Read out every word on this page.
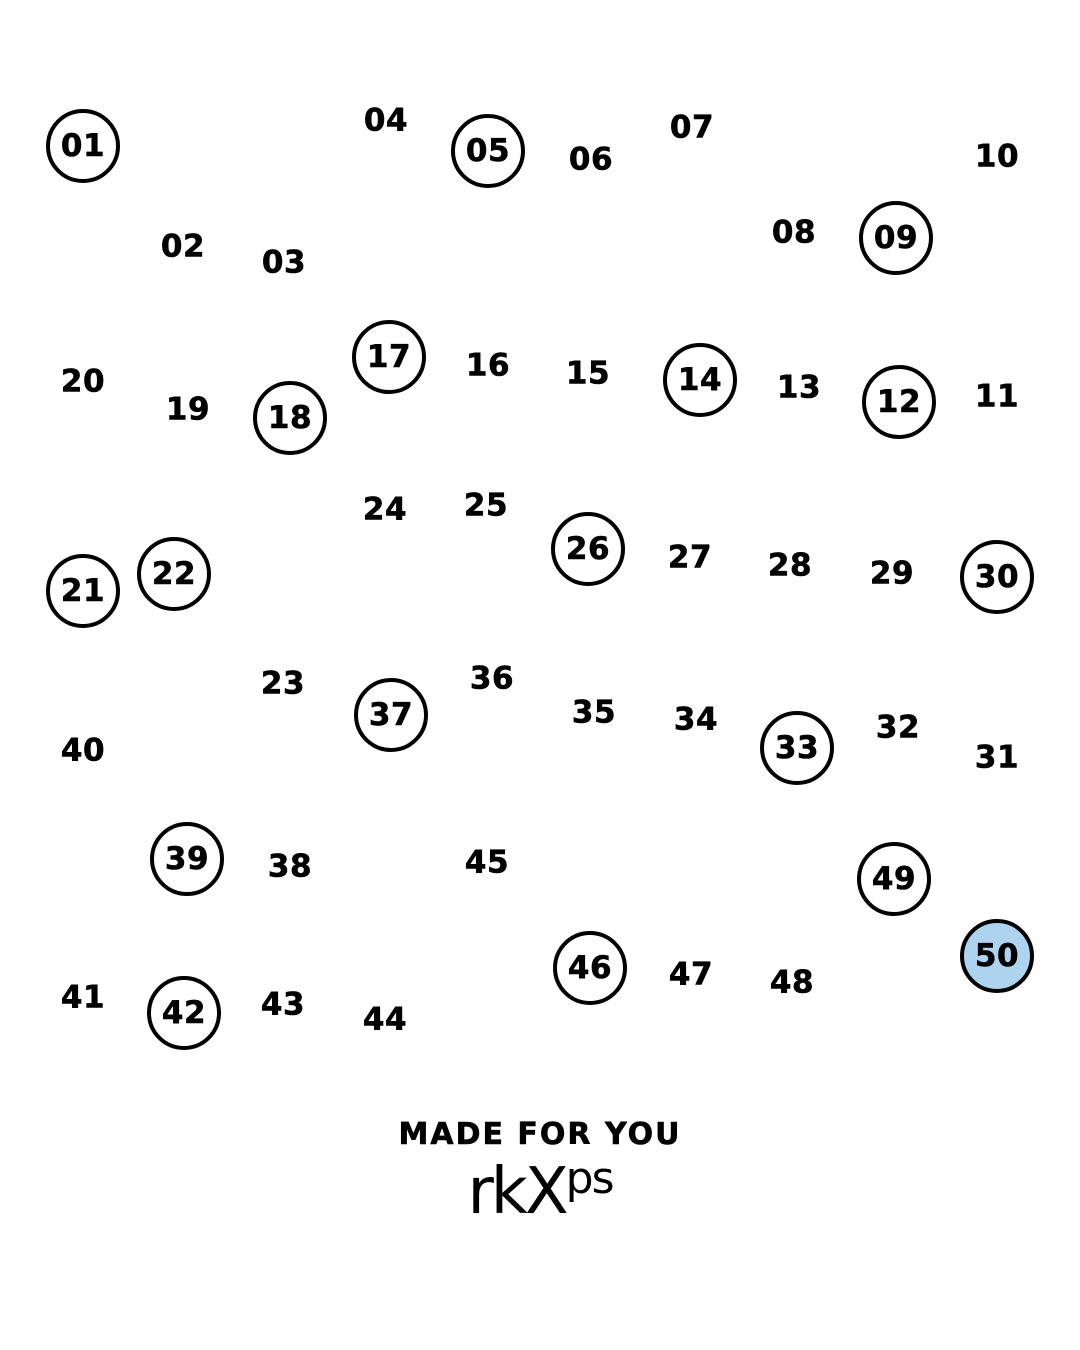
01
02 03
04
05	06
07
08	09
10
11
12
13
14
15
16
17
18
19
20
21	22
23
24 25
26	27 28 29	30
31
32
33
34
35
36
37
38
39
40
41	42	43 44
45
46	47 48
49
50
MADE FOR YOU
rkX$^{ps}$
